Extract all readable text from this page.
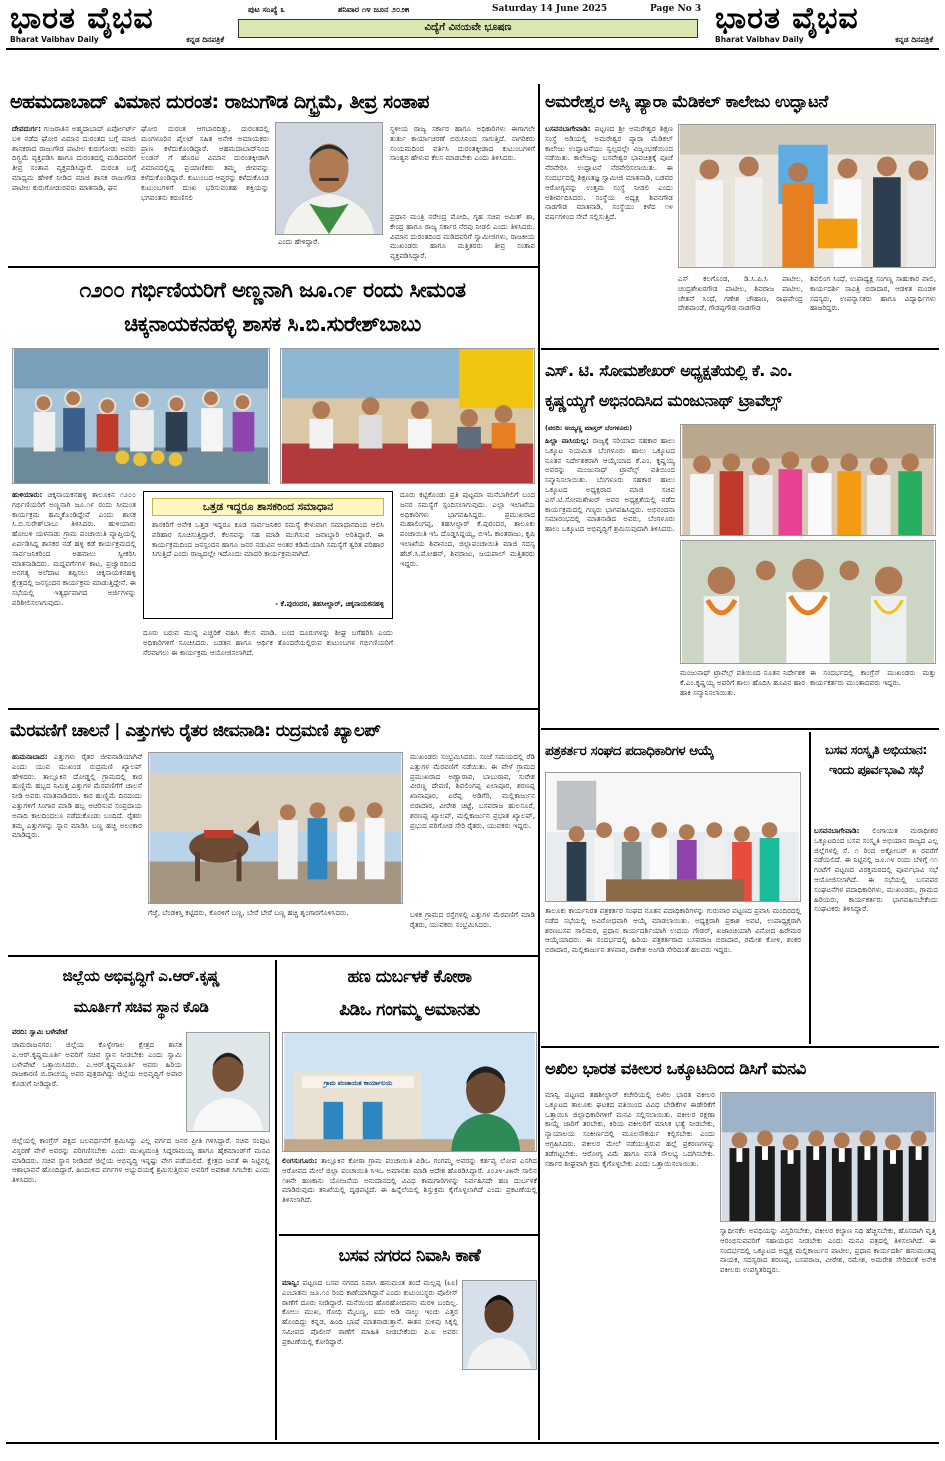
ಭಾರತ ವೈಭವ
Bharat Vaibhav Daily	ಕನ್ನಡ ದಿನಪತ್ರಿಕೆ
ಭಾರತ ವೈಭವ
Bharat Vaibhav Daily	ಕನ್ನಡ ದಿನಪತ್ರಿಕೆ
ಪುಟ ಸಂಖ್ಯೆ ೩	ಶನಿವಾರ ೧೪ ಜೂನ ೨೦೨೫	Saturday 14 June 2025	Page No 3
ವಿದ್ಯೆಗೆ ವಿನಯವೇ ಭೂಷಣ
ಅಹಮದಾಬಾದ್ ವಿಮಾನ ದುರಂತ: ರಾಜುಗೌಡ ದಿಗ್ಭ್ರಮೆ, ತೀವ್ರ ಸಂತಾಪ
ದೇವದುರ್ಗ: ಗುಜರಾತಿನ ಅಹ್ಮದಾಬಾದ್ ಏರ್ಪೋರ್ಟ್ ಬಳಿ ನಡೆದ ಘೋರ ವಿಮಾನ ದುರಂತದ ಬಗ್ಗೆ ಮಾಜಿ ಶಾಸಕರಾದ ರಾಜುಗೌಡ ಪಾಟೀಲ ಕುರುಗೋಡು ಅವರು ದಿಗ್ಭ್ರಮೆ ವ್ಯಕ್ತಪಡಿಸಿ ಹಾಗೂ ದುರಂತದಲ್ಲಿ ಮಡಿದವರಿಗೆ ತೀವ್ರ ಸಂತಾಪ ವ್ಯಕ್ತಪಡಿಸಿದ್ದಾರೆ. ದುರಂತ ಬಗ್ಗೆ ಮಾಧ್ಯಮ ಹೇಳಿಕೆ ನೀಡಿದ ಮಾಜಿ ಶಾಸಕ ರಾಜುಗೌಡ ಪಾಟೀಲ ಕುರುಗೋಡುರವರು ಮಾತನಾಡಿ, ಘನ
ಘೋರ ದುರಂತ ಆಗಬಾರದಿತ್ತು, ದುರಂತದಲ್ಲಿ ಮಂಗಳೂರಿನ ಪೈಲಟ್ ಸಹಿತ ಅನೇಕ ಅಮಾಯಕರು ಪ್ರಾಣ ಕಳೆದುಕೊಂಡಿದ್ದಾರೆ. ಅಹಮದಾಬಾದ್‌ನಿಂದ ಲಂಡನ್ ಗೆ ಹೊರಟ ವಿಮಾನ ದುರಂತಕ್ಕೀಡಾಗಿ ವಿಮಾನದಲ್ಲಿದ್ದ ಪ್ರಯಾಣಿಕರು ತಮ್ಮ ಜೀವವನ್ನು ಕಳೆದುಕೊಂಡಿದ್ದಾರೆ. ಕುಟುಂಬದ ಆಪ್ತರನ್ನು ಕಳೆದುಕೊಂಡ ಕುಟುಂಬಗಳಿಗೆ ದುಃಖ ಭರಿಸುವಂತಹ ಶಕ್ತಿಯನ್ನು ಭಗವಂತನು ಕರುಣಿಸಲಿ
ಎಂದು ಹೇಳಿದ್ದಾರೆ.
ಸ್ಥಳೀಯ ರಾಜ್ಯ ಸರ್ಕಾರ ಹಾಗೂ ಅಧಿಕಾರಿಗಳು ಈಗಾಗಲೇ ತುರ್ತು ಕಾರ್ಯಾಚರಣೆ ಬಿರುಸಿನಿಂದ ಸಾಗುತ್ತಿದೆ. ನಾಗರಿಕರು ಸಂಯಮದಿಂದ ವರ್ತಿಸಿ ದುರಂತಕ್ಕೀಡಾದ ಕುಟುಂಬಗಳಿಗೆ ಸಾಂತ್ವನ ಹೇಳುವ ಕೆಲಸ ಮಾಡಬೇಕು ಎಂದು ತಿಳಿಸಿದರು.
ಪ್ರಧಾನ ಮಂತ್ರಿ ನರೇಂದ್ರ ಮೋದಿ, ಗೃಹ ಸಚಿವ ಅಮಿತ್ ಶಾ, ಕೇಂದ್ರ ಹಾಗೂ ರಾಜ್ಯ ಸರ್ಕಾರ ನೆರವು ನೀಡಲಿ ಎಂದು ತಿಳಿಸಿದರು. ವಿಮಾನ ದುರಂತದಿಂದ ಮಡಿದವರಿಗೆ ಸ್ವಾಮೀಜಿಗಳು, ರಾಜಕೀಯ ಮುಖಂಡರು ಹಾಗೂ ಮತ್ತಿತರರು ತೀವ್ರ ಸಂತಾಪ ವ್ಯಕ್ತಪಡಿಸಿದ್ದಾರೆ.
೧೨೦೦ ಗರ್ಭಿಣಿಯರಿಗೆ ಅಣ್ಣನಾಗಿ ಜೂ.೧೯ ರಂದು ಸೀಮಂತ
ಚಿಕ್ಕನಾಯಕನಹಳ್ಳಿ ಶಾಸಕ ಸಿ.ಬಿ.ಸುರೇಶ್‌ಬಾಬು
ಹುಳಿಯಾರು: ಚಿಕ್ಕನಾಯಕನಹಳ್ಳಿ ತಾಲೂಕಿನ ೧೨೦೦ ಗರ್ಭಿಣಿಯರಿಗೆ ಅಣ್ಣನಾಗಿ ಜೂ.೧೯ ರಂದು ಸೀಮಂತ ಕಾರ್ಯಕ್ರಮ ಹಮ್ಮಿಕೊಂಡಿದ್ದೇವೆ ಎಂದು ಶಾಸಕ ಸಿ.ಬಿ.ಸುರೇಶ್‌ಬಾಬು ತಿಳಿಸಿದರು. ಹುಳಿಯಾರು ಹೋಬಳಿ ಯಳನಾಡು ಗ್ರಾಮ ಪಂಚಾಯಿತಿ ವ್ಯಾಪ್ತಿಯಲ್ಲಿ ಏರ್ಪಡಿಸಿದ್ದ ಶಾಸಕರ ನಡೆ ಹಳ್ಳಿ ಕಡೆ ಕಾರ್ಯಕ್ರಮದಲ್ಲಿ ಸಾರ್ವಜನಿಕರಿಂದ ಅಹವಾಲು ಸ್ವೀಕರಿಸಿ ಮಾತನಾಡಿದರು. ಮದ್ದವರ್ಗೆಗಳ ಕಾಟ, ಪ್ರಜ್ವಾರದಿಂದ ಅನಗತ್ಯ ಅಲೆದಾಟ ತಪ್ಪಿಸಲು ಚಿಕ್ಕನಾಯಕನಹಳ್ಳಿ ಕ್ಷೇತ್ರದಲ್ಲಿ ಜನಸ್ಪಂದನ ಕಾರ್ಯಕ್ರಮ ಮಾಡುತ್ತಿದ್ದೇನೆ. ಈ ಸಭೆಯಲ್ಲಿ ಇತ್ಯರ್ಥವಾಗದ ಅರ್ಜಿಗಳನ್ನು ಪರಿಶೀಲಿಸಲಾಗುವುದು.
ಒತ್ತಡ ಇದ್ದರೂ ಶಾಸಕರಿಂದ ಸಮಾಧಾನ
ಶಾಸಕರಿಗೆ ಅನೇಕ ಒತ್ತಡ ಇದ್ದರೂ ಕೂಡ ಸಾರ್ವಜನಿಕರ ಸಮಸ್ಯೆ ಕೇಳುವಾಗ ಸಮಾಧಾನದಿಂದ ಆಲಿಸಿ ಪರಿಹಾರ ಸೂಚಿಸುತ್ತಿದ್ದಾರೆ. ಕೆಲಸವನ್ನು ಸಹ ಮಾಡಿ ಮುಗಿಸುವ ಜವಾಬ್ದಾರಿ ಅರಿತಿದ್ದಾರೆ. ಈ ಕಾರ್ಯಕ್ರಮದಿಂದ ಜನಸ್ಪಂದನ ಹಾಗೂ ಜನರ ನಡುವಿನ ಅಂತರ ಕಡಿಮೆಯಾಗಿ ಸಮಸ್ಯೆಗೆ ತ್ವರಿತ ಪರಿಹಾರ ಸಿಗುತ್ತಿದೆ ಎಂದು ರಾಜ್ಯದಲ್ಲೇ ಇದೊಂದು ಮಾದರಿ ಕಾರ್ಯಕ್ರಮವಾಗಿದೆ.
- ಕೆ.ಪುರಂದರ, ತಹಸೀಲ್ದಾರ್, ಚಿಕ್ಕನಾಯಕನಹಳ್ಳಿ
ದೂರು ಬರುವ ಮುನ್ನ ಎಚ್ಚರಿಕೆ ವಹಿಸಿ ಕೆಲಸ ಮಾಡಿ. ಬಂದ ದೂರುಗಳನ್ನು ಶೀಘ್ರ ಬಗೆಹರಿಸಿ ಎಂದು ಅಧಿಕಾರಿಗಳಿಗೆ ಸೂಚಿಸಿದರು. ಬಡತನ ಹಾಗೂ ಆರ್ಥಿಕ ತೊಂದರೆಯಲ್ಲಿರುವ ಕುಟುಂಬಗಳ ಗರ್ಭಿಣಿಯರಿಗೆ ನೆರವಾಗಲು ಈ ಕಾರ್ಯಕ್ರಮ ಆಯೋಜಿಸಲಾಗಿದೆ.
ದೂರು ಕಟ್ಟಿಕೊಂಡು ಪ್ರತಿ ಪುಟ್ಟಮಾ ಮನೆಬಾಗಿಲಿಗೆ ಬಂದ ಜನರ ಸಮಸ್ಯೆಗೆ ಸ್ಪಂದಿಸಲಾಗುವುದು. ಎಲ್ಲಾ ಇಲಾಖೆಯ ಅಧಿಕಾರಿಗಳು ಭಾಗವಹಿಸಿದ್ದರು. ಪ್ರಮುಖರಾದ ಮಹಾಲಿಂಗಪ್ಪ, ತಹಸೀಲ್ದಾರ್ ಕೆ.ಪುರಂದರ, ತಾಲೂಕು ಪಂಚಾಯಿತಿ ಇಓ ದೊಡ್ಡಸಿದ್ದಯ್ಯ, ಬಿಇಓ ಕಾಂತರಾಜು, ಕೃಷಿ ಇಲಾಖೆಯ ಶಿವಾನಂದ, ಜಿಲ್ಲಾಪಂಚಾಯಿತಿ ಮಾಜಿ ಸದಸ್ಯ ಹೆಚ್.ಸಿ.ಮೋಹನ್, ಶಿವರಾಜು, ಜಯಪಾಲ್ ಮತ್ತಿತರರು ಇದ್ದರು.
ಅಮರೇಶ್ವರ ಅಸ್ಕಿ ಪ್ಯಾರಾ ಮೆಡಿಕಲ್ ಕಾಲೇಜು ಉದ್ಘಾಟನೆ
ಬಸವನಬಾಗೇವಾಡಿ: ಪಟ್ಟಣದ ಶ್ರೀ ಅಮರೇಶ್ವರ ಶಿಕ್ಷಣ ಸಂಸ್ಥೆ ಅಡಿಯಲ್ಲಿ ಅಮರೇಶ್ವರ ಪ್ಯಾರಾ ಮೆಡಿಕಲ್ ಕಾಲೇಜು ಉದ್ಘಾಟನೆಯು ಸ್ವಲ್ಪದಲ್ಲೇ ವಿಜೃಂಭಣೆಯಿಂದ ನಡೆಯಿತು. ಕಾಲೇಜನ್ನು ಬಸವೇಶ್ವರ ಭಾವಚಿತ್ರಕ್ಕೆ ಪೂಜೆ ನೆರವೇರಿಸಿ ಉದ್ಘಾಟನೆ ನೆರವೇರಿಸಲಾಯಿತು. ಈ ಸಂದರ್ಭದಲ್ಲಿ ಶಿಕ್ಷಣತಜ್ಞ ಸ್ವಾಮೀಜಿ ಮಾತನಾಡಿ, ಬಡವರ ಆರೋಗ್ಯವನ್ನು ಉತ್ತಮ ಸಂಸ್ಥೆ ನೀಡಲಿ ಎಂದು ಅಶೀರ್ವದಿಸಿದರು. ಸಂಸ್ಥೆಯ ಅಧ್ಯಕ್ಷ ಶಿವನಗೌಡ ನಾಡಗೌಡ ಮಾತನಾಡಿ, ಸಂಸ್ಥೆಯು ಕಳೆದ ೧೪ ವರ್ಷಗಳಿಂದ ಸೇವೆ ಸಲ್ಲಿಸುತ್ತಿದೆ.
ಎಸ್ ಕಲಗೊಂಡ, ಡಿ.ಸಿ.ಪಿ.ಸಿ ಪಾಟೀಲ, ಚಂದ್ರಶೇಖರಗೌಡ ಪಾಟೀಲ, ಶಿವರಾಜ ಪಾಟೀಲ, ಚೇತನ್ ಸಿಂಧೆ, ಗಣೇಶ ಚೌಹಾಣ, ರಾಘವೇಂದ್ರ ದೇಶಪಾಂಡೆ, ಗೌಡಪ್ಪಗೌಡ ನಾಡಗೌಡ
ಶಿವಲಿಂಗ ಸಿಂಧೆ, ಉಪಾಧ್ಯಕ್ಷ ಸಂಗಣ್ಣ ಸಾಹುಕಾರ ವಾಲಿ, ಕಾರ್ಯದರ್ಶಿ ಸಾವಿತ್ರಿ ಬಿರಾದಾರ, ಆಡಳಿತ ಮಂಡಳಿ ಸದಸ್ಯರು, ಉಪನ್ಯಾಸಕರು ಹಾಗೂ ವಿದ್ಯಾರ್ಥಿಗಳು ಹಾಜರಿದ್ದರು.
ಎಸ್. ಟಿ. ಸೋಮಶೇಖರ್ ಅಧ್ಯಕ್ಷತೆಯಲ್ಲಿ ಕೆ. ಎಂ.
ಕೃಷ್ಣಯ್ಯಗೆ ಅಭಿನಂದಿಸಿದ ಮಂಜುನಾಥ್ ಟ್ರಾವೆಲ್ಸ್
(ವರದಿ: ಅಯ್ಯಣ್ಣ ಮಾಸ್ತರ್ ಬೆಂಗಳೂರು)
ಹಿಲ್ಲಾ ವಾಸಿಯಲ್ಲ: ರಾಜ್ಯಕ್ಕೆ ಸರಿಯಾದ ಸಹಕಾರ ಹಾಲು ಒಕ್ಕೂಟ ನಿಯಮಿತ ಬೆಂಗಳೂರು ಹಾಲು ಒಕ್ಕೂಟದ ನೂತನ ನಿರ್ದೇಶಕರಾಗಿ ಆಯ್ಕೆಯಾದ ಕೆ.ಎಂ. ಕೃಷ್ಣಯ್ಯ ಅವರನ್ನು ಮಂಜುನಾಥ್ ಟ್ರಾವೆಲ್ಸ್ ವತಿಯಿಂದ ಸನ್ಮಾನಿಸಲಾಯಿತು. ಬೆಂಗಳೂರು ಸಹಕಾರ ಹಾಲು ಒಕ್ಕೂಟದ ಅಧ್ಯಕ್ಷರಾದ ಮಾಜಿ ಸಚಿವ ಎಸ್.ಟಿ.ಸೋಮಶೇಖರ್ ಅವರ ಅಧ್ಯಕ್ಷತೆಯಲ್ಲಿ ನಡೆದ ಕಾರ್ಯಕ್ರಮದಲ್ಲಿ ಗಣ್ಯರು ಭಾಗವಹಿಸಿದ್ದರು. ಅಭಿನಂದನಾ ಸಮಾರಂಭದಲ್ಲಿ ಮಾತನಾಡಿದ ಅವರು, ಬೆಂಗಳೂರು ಹಾಲು ಒಕ್ಕೂಟದ ಅಭಿವೃದ್ಧಿಗೆ ಶ್ರಮಿಸುವುದಾಗಿ ತಿಳಿಸಿದರು.
ಮಂಜುನಾಥ್ ಟ್ರಾವೆಲ್ಸ್ ವತಿಯಿಂದ ನೂತನ ನಿರ್ದೇಶಕ ಕೆ.ಎಂ.ಕೃಷ್ಣಯ್ಯ ಅವರಿಗೆ ಶಾಲು ಹೊದಿಸಿ ಹೂವಿನ ಹಾರ ಹಾಕಿ ಸನ್ಮಾನಿಸಲಾಯಿತು.
ಈ ಸಂದರ್ಭದಲ್ಲಿ ಕಾಂಗ್ರೆಸ್ ಮುಖಂಡರು ಮತ್ತು ಕಾರ್ಯಕರ್ತರು ಮುಂತಾದವರು ಇದ್ದರು.
ಮೆರವಣಿಗೆ ಚಾಲನೆ | ಎತ್ತುಗಳು ರೈತರ ಜೀವನಾಡಿ: ರುದ್ರಮಣಿ ಖ್ಯಾಲಪ್
ಹುಮನಾಬಾದ: ಎತ್ತುಗಳು ರೈತರ ಜೀವನಾಡಿಯಾಗಿವೆ ಎಂದು ಯುವ ಮುಖಂಡ ರುದ್ರಮಣಿ ಖ್ಯಾಲಪ್ ಹೇಳಿದರು. ತಾಲ್ಲೂಕಿನ ದೋಡ್ಡಲ್ಲಿ ಗ್ರಾಮದಲ್ಲಿ ಕಾರ ಹುಣ್ಣಿಮೆ ಹಬ್ಬದ ನಿಮಿತ್ತ ಎತ್ತುಗಳ ಮೆರವಣಿಗೆಗೆ ಚಾಲನೆ ನೀಡಿ ಅವರು ಮಾತನಾಡಿದರು. ಕಾರ ಹುಣ್ಣಿಮೆ ದಿನದಂದು ಎತ್ತುಗಳಿಗೆ ಸಿಂಗಾರ ಮಾಡಿ ಹಬ್ಬ ಆಚರಿಸುವ ಸಂಪ್ರದಾಯ ಅನಾದಿ ಕಾಲದಿಂದಲೂ ನಡೆದುಕೊಂಡು ಬಂದಿದೆ. ರೈತರು ತಮ್ಮ ಎತ್ತುಗಳನ್ನು ಸ್ನಾನ ಮಾಡಿಸಿ ಬಣ್ಣ ಹಚ್ಚಿ ಅಲಂಕಾರ ಮಾಡಿದ್ದರು.
ಗೆಜ್ಜೆ, ಬೆಂಡಕಿಸ್ತಿ ಕಟ್ಟಿದರು, ಕೊರಳಿಗೆ ಬಣ್ಣ, ಬೇರೆ ಬೇರೆ ಬಣ್ಣ ಹಚ್ಚಿ ಶೃಂಗಾರಗೊಳಿಸಿದರು.
ಮುಖಂಡರು ಸಂಭ್ರಮಿಸಿದರು. ಸಂಜೆ ಸಮಯದಲ್ಲಿ ರೆಡಿ ಎತ್ತುಗಳ ಮೆರವಣಿಗೆ ನಡೆಯಿತು. ಈ ವೇಳೆ ಗ್ರಾಮದ ಪ್ರಮುಖರಾದ ಅಣ್ಣಾರಾವ, ಬಾಬುರಾವ, ಸುರೇಶ ವೀರಣ್ಣ ದೇವಣಿ, ಶಿವಲಿಂಗಪ್ಪ ಏಲಾಪೂರ, ಶರಣಪ್ಪ ಖಾನಾಪೂರ, ಏರೆಪ್ಪ ಅಡಿಗೆರಿ, ಮಲ್ಲಿಕಾರ್ಜುನ ಬಿರಾದಾರ, ವೀರೇಶ ಚಿಟ್ಟೆ, ಬಸವರಾಜ ಹುಲಸೂರೆ, ಶರಣಪ್ಪ ಖ್ಯಾಲಪ್, ಮಲ್ಲಿಕಾರ್ಜುನ ಪ್ರಭಾತ ಖ್ಯಾಲಪ್, ಪ್ರಭುದ ಪರಿಗೋಡ ಸೇರಿ ರೈತರು, ಯುವಕರು ಇದ್ದರು.
ಬಳಿಕ ಗ್ರಾಮದ ರಸ್ತೆಗಳಲ್ಲಿ ಎತ್ತುಗಳ ಮೆರವಣಿಗೆ ಮಾಡಿ ರೈತರು, ಯುವಕರು ಸಂಭ್ರಮಿಸಿದರು.
ಪತ್ರಕರ್ತರ ಸಂಘದ ಪದಾಧಿಕಾರಿಗಳ ಆಯ್ಕೆ
ತಾಲೂಕು ಕಾರ್ಯನಿರತ ಪತ್ರಕರ್ತರ ಸಂಘದ ನೂತನ ಪದಾಧಿಕಾರಿಗಳನ್ನು ಗುರುವಾರ ಪಟ್ಟಣದ ಪ್ರವಾಸಿ ಮಂದಿರದಲ್ಲಿ ನಡೆದ ಸಭೆಯಲ್ಲಿ ಅವಿರೋಧವಾಗಿ ಆಯ್ಕೆ ಮಾಡಲಾಯಿತು. ಅಧ್ಯಕ್ಷರಾಗಿ ಪ್ರಕಾಶ ಅವಟಿ, ಉಪಾಧ್ಯಕ್ಷರಾಗಿ ಶರಣಬಸವ ಸಾಲಿಮಠ, ಪ್ರಧಾನ ಕಾರ್ಯದರ್ಶಿಯಾಗಿ ಉದಯ ಗೌಡರ್, ಖಜಾಂಚಿಯಾಗಿ ವಿನೋದ ಹಿರೇಮಠ ಆಯ್ಕೆಯಾದರು. ಈ ಸಂದರ್ಭದಲ್ಲಿ ಹಿರಿಯ ಪತ್ರಕರ್ತರಾದ ಬಸವರಾಜ ಬಿರಾದಾರ, ರಮೇಶ ಕೋಳಿ, ಶಂಕರ ಬಿರಾದಾರ, ಮಲ್ಲಿಕಾರ್ಜುನ ತಳವಾರ, ರಾಕೇಶ ಅಂಗಡಿ ಸೇರಿದಂತೆ ಹಲವರು ಇದ್ದರು.
ಬಸವ ಸಂಸ್ಕೃತಿ ಅಭಿಯಾನ: ಇಂದು ಪೂರ್ವಭಾವಿ ಸಭೆ
ಬಸವನಬಾಗೇವಾಡಿ: ಲಿಂಗಾಯತ ಮಠಾಧೀಶರ ಒಕ್ಕೂಟದಿಂದ ಬಸವ ಸಂಸ್ಕೃತಿ ಅಭಿಯಾನ ರಾಜ್ಯದ ಎಲ್ಲ ಜಿಲ್ಲೆಗಳಲ್ಲಿ ಸೆ. ೧ ರಿಂದ ಅಕ್ಟೋಬರ್ ೫ ರವರೆಗೆ ನಡೆಯಲಿದೆ. ಈ ನಿಟ್ಟಿನಲ್ಲಿ ಜೂ.೧೪ ರಂದು ಬೆಳಿಗ್ಗೆ ೧೧ ಗಂಟೆಗೆ ಪಟ್ಟಣದ ವಿರಕ್ತಮಠದಲ್ಲಿ ಪೂರ್ವಭಾವಿ ಸಭೆ ಆಯೋಜಿಸಲಾಗಿದೆ. ಈ ಸಭೆಯಲ್ಲಿ ಬಸವಪರ ಸಂಘಟನೆಗಳ ಪದಾಧಿಕಾರಿಗಳು, ಮುಖಂಡರು, ಗ್ರಾಮದ ಹಿರಿಯರು, ಕಾರ್ಯಕರ್ತರು ಭಾಗವಹಿಸಬೇಕೆಂದು ಸಂಘಟಕರು ತಿಳಿಸಿದ್ದಾರೆ.
ಜಿಲ್ಲೆಯ ಅಭಿವೃದ್ಧಿಗೆ ಎ.ಆರ್.ಕೃಷ್ಣ
ಮೂರ್ತಿಗೆ ಸಚಿವ ಸ್ಥಾನ ಕೊಡಿ
ವರದಿ: ಸ್ವಾಮಿ ಬಳೇಪೇಟೆ
ಚಾಮರಾಜನಗರ: ಜಿಲ್ಲೆಯ ಕೊಳ್ಳೇಗಾಲ ಕ್ಷೇತ್ರದ ಶಾಸಕ ಎ.ಆರ್.ಕೃಷ್ಣಮೂರ್ತಿ ಅವರಿಗೆ ಸಚಿವ ಸ್ಥಾನ ನೀಡಬೇಕು ಎಂದು ಸ್ವಾಮಿ ಬಳೇಪೇಟೆ ಒತ್ತಾಯಿಸಿದರು. ಎ.ಆರ್.ಕೃಷ್ಣಮೂರ್ತಿ ಅವರು ಹಿರಿಯ ರಾಜಕಾರಣಿ ಬಿ.ರಾಚಯ್ಯ ಅವರ ಪುತ್ರರಾಗಿದ್ದು ಜಿಲ್ಲೆಯ ಅಭಿವೃದ್ಧಿಗೆ ಅಪಾರ ಕೊಡುಗೆ ನೀಡಿದ್ದಾರೆ.
ಜಿಲ್ಲೆಯಲ್ಲಿ ಕಾಂಗ್ರೆಸ್ ಪಕ್ಷದ ಬಲವರ್ಧನೆಗೆ ಶ್ರಮಿಸಿದ್ದು ಎಲ್ಲ ವರ್ಗದ ಜನರ ಪ್ರೀತಿ ಗಳಿಸಿದ್ದಾರೆ. ಸಚಿವ ಸಂಪುಟ ವಿಸ್ತರಣೆ ವೇಳೆ ಅವರನ್ನು ಪರಿಗಣಿಸಬೇಕು ಎಂದು ಮುಖ್ಯಮಂತ್ರಿ ಸಿದ್ದರಾಮಯ್ಯ ಹಾಗೂ ಹೈಕಮಾಂಡ್‌ಗೆ ಮನವಿ ಮಾಡಿದರು. ಸಚಿವ ಸ್ಥಾನ ನೀಡಿದರೆ ಜಿಲ್ಲೆಯ ಅಭಿವೃದ್ಧಿ ಇನ್ನಷ್ಟು ವೇಗ ಪಡೆಯಲಿದೆ. ಕ್ಷೇತ್ರದ ಜನತೆ ಈ ನಿಟ್ಟಿನಲ್ಲಿ ಆಶಾಭಾವನೆ ಹೊಂದಿದ್ದಾರೆ. ಹಿಂದುಳಿದ ವರ್ಗಗಳ ಅಭ್ಯುದಯಕ್ಕೆ ಶ್ರಮಿಸುತ್ತಿರುವ ಅವರಿಗೆ ಅವಕಾಶ ಸಿಗಬೇಕು ಎಂದು ತಿಳಿಸಿದರು.
ಹಣ ದುರ್ಬಳಕೆ ಕೋಠಾ
ಪಿಡಿಒ ಗಂಗಮ್ಮ ಅಮಾನತು
ಗ್ರಾಮ ಪಂಚಾಯತ ಕಾರ್ಯಾಲಯ
ಲಿಂಗಸುಗೂರು: ತಾಲ್ಲೂಕಿನ ಕೋಠಾ ಗ್ರಾಮ ಪಂಚಾಯಿತಿ ಪಿಡಿಒ ಗಂಗಮ್ಮ ಅವರನ್ನು ಕರ್ತವ್ಯ ಲೋಪ ಎಸಗಿದ ಆರೋಪದ ಮೇಲೆ ಜಿಲ್ಲಾ ಪಂಚಾಯಿತಿ ಸಿಇಒ ಅಮಾನತು ಮಾಡಿ ಆದೇಶ ಹೊರಡಿಸಿದ್ದಾರೆ. ೨೦೨೪-೨೫ನೇ ಸಾಲಿನ ೧೫ನೇ ಹಣಕಾಸು ಯೋಜನೆಯ ಅನುದಾನದಲ್ಲಿ ವಿವಿಧ ಕಾಮಗಾರಿಗಳನ್ನು ನಿರ್ವಹಿಸದೇ ಹಣ ದುರ್ಬಳಕೆ ಮಾಡಿರುವುದು ತನಿಖೆಯಲ್ಲಿ ದೃಢಪಟ್ಟಿದೆ. ಈ ಹಿನ್ನೆಲೆಯಲ್ಲಿ ಶಿಸ್ತುಕ್ರಮ ಕೈಗೊಳ್ಳಲಾಗಿದೆ ಎಂದು ಪ್ರಕಟಣೆಯಲ್ಲಿ ತಿಳಿಸಲಾಗಿದೆ.
ಬಸವ ನಗರದ ನಿವಾಸಿ ಕಾಣೆ
ಮಾನ್ವಿ: ಪಟ್ಟಣದ ಬಸವ ನಗರದ ನಿವಾಸಿ ಹನುಮಂತ ತಂದೆ ಮಲ್ಲಪ್ಪ (೩೮) ಎಂಬಾತನು ಜೂ.೧೦ ರಿಂದ ಕಾಣೆಯಾಗಿದ್ದಾನೆ ಎಂದು ಕುಟುಂಬಸ್ಥರು ಪೊಲೀಸ್ ಠಾಣೆಗೆ ದೂರು ನೀಡಿದ್ದಾರೆ. ಮನೆಯಿಂದ ಹೊರಹೋದವನು ಮರಳಿ ಬಂದಿಲ್ಲ. ಕೋಲು ಮುಖ, ಗೋಧಿ ಮೈಬಣ್ಣ, ಐದು ಅಡಿ ನಾಲ್ಕು ಇಂಚು ಎತ್ತರ ಹೊಂದಿದ್ದು ಕನ್ನಡ, ಹಿಂದಿ ಭಾಷೆ ಮಾತನಾಡುತ್ತಾನೆ. ಈತನ ಸುಳಿವು ಸಿಕ್ಕಲ್ಲಿ ಸಮೀಪದ ಪೊಲೀಸ್ ಠಾಣೆಗೆ ಮಾಹಿತಿ ನೀಡಬೇಕೆಂದು ಪಿ.ಐ ಅವರು ಪ್ರಕಟಣೆಯಲ್ಲಿ ಕೋರಿದ್ದಾರೆ.
ಅಖಿಲ ಭಾರತ ವಕೀಲರ ಒಕ್ಕೂಟದಿಂದ ಡಿಸಿಗೆ ಮನವಿ
ಮಾನ್ವಿ ಪಟ್ಟಣದ ತಹಶೀಲ್ದಾರ್ ಕಚೇರಿಯಲ್ಲಿ ಅಖಿಲ ಭಾರತ ವಕೀಲರ ಒಕ್ಕೂಟದ ತಾಲೂಕು ಘಟಕದ ವತಿಯಿಂದ ವಿವಿಧ ಬೇಡಿಕೆಗಳ ಈಡೇರಿಕೆಗೆ ಒತ್ತಾಯಿಸಿ ಜಿಲ್ಲಾಧಿಕಾರಿಗಳಿಗೆ ಮನವಿ ಸಲ್ಲಿಸಲಾಯಿತು. ವಕೀಲರ ರಕ್ಷಣಾ ಕಾಯ್ದೆ ಜಾರಿಗೆ ತರಬೇಕು, ಕಿರಿಯ ವಕೀಲರಿಗೆ ಮಾಸಿಕ ಭತ್ಯೆ ನೀಡಬೇಕು, ನ್ಯಾಯಾಲಯ ಸಂಕೀರ್ಣದಲ್ಲಿ ಮೂಲಸೌಕರ್ಯ ಕಲ್ಪಿಸಬೇಕು ಎಂದು ಆಗ್ರಹಿಸಿದರು. ವಕೀಲರ ಮೇಲೆ ನಡೆಯುತ್ತಿರುವ ಹಲ್ಲೆ ಪ್ರಕರಣಗಳನ್ನು ತಡೆಗಟ್ಟಬೇಕು. ಆರೋಗ್ಯ ವಿಮೆ ಹಾಗೂ ವಸತಿ ಸೌಲಭ್ಯ ಒದಗಿಸಬೇಕು. ಸರ್ಕಾರ ಶೀಘ್ರವಾಗಿ ಕ್ರಮ ಕೈಗೊಳ್ಳಬೇಕು ಎಂದು ಒತ್ತಾಯಿಸಲಾಯಿತು.
ಸ್ವಾಧೀನಕೆಲ ಅವಧಿಯನ್ನು ವಿಸ್ತರಿಸಬೇಕು, ವಕೀಲರ ಕಲ್ಯಾಣ ನಿಧಿ ಹೆಚ್ಚಿಸಬೇಕು, ಹೊಸದಾಗಿ ವೃತ್ತಿ ಆರಂಭಿಸುವವರಿಗೆ ಸಹಾಯಧನ ನೀಡಬೇಕು ಎಂದು ಮನವಿ ಪತ್ರದಲ್ಲಿ ತಿಳಿಸಲಾಗಿದೆ. ಈ ಸಂದರ್ಭದಲ್ಲಿ ಒಕ್ಕೂಟದ ಅಧ್ಯಕ್ಷ ಮಲ್ಲಿಕಾರ್ಜುನ ಪಾಟೀಲ, ಪ್ರಧಾನ ಕಾರ್ಯದರ್ಶಿ ಹನುಮಂತಪ್ಪ ನಾಯಕ, ಸದಸ್ಯರಾದ ಶರಣಪ್ಪ, ಬಸವರಾಜ, ವೀರೇಶ, ರಮೇಶ, ಅಮರೇಶ ಸೇರಿದಂತೆ ಅನೇಕ ವಕೀಲರು ಉಪಸ್ಥಿತರಿದ್ದರು.
